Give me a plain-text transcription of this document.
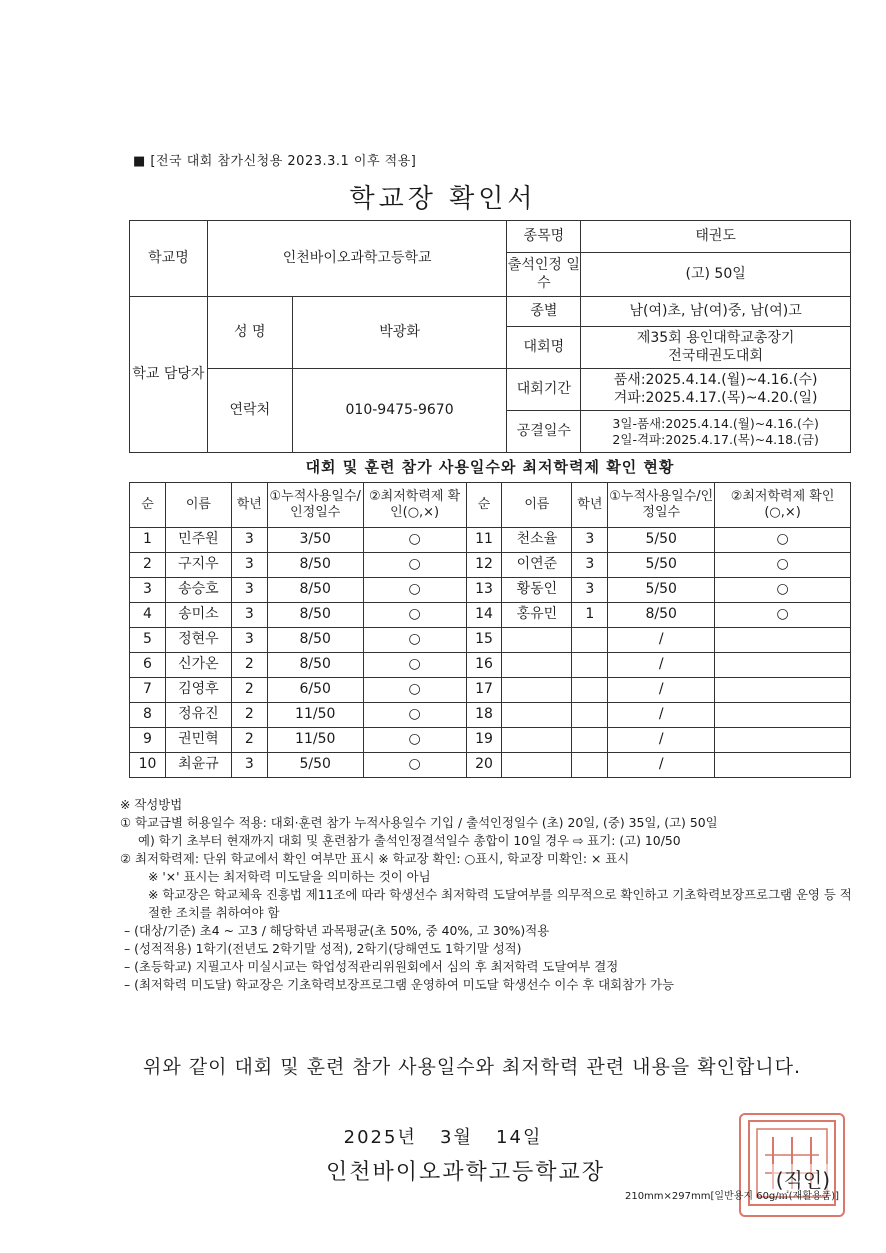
■ [전국 대회 참가신청용 2023.3.1 이후 적용]
학교장 확인서
학교명	인천바이오과학고등학교		종목명	태권도
			출석인정 일수	(고) 50일
학교 담당자	성 명	박광화	종별	남(여)초, 남(여)중, 남(여)고
			대회명	제35회 용인대학교총장기
전국태권도대회

	연락처	010-9475-9670	대회기간	품새:2025.4.14.(월)~4.16.(수)
겨파:2025.4.17.(목)~4.20.(일)

			공결일수	3일-품새:2025.4.14.(월)~4.16.(수)
2일-격파:2025.4.17.(목)~4.18.(금)
대회 및 훈련 참가 사용일수와 최저학력제 확인 현황
순	이름	학년	①누적사용일수/인정일수	②최저학력제 확인(○,×)	순	이름	학년	①누적사용일수/인정일수	②최저학력제 확인(○,×)
1	민주원	3	3/50	○	11	천소율	3	5/50	○
2	구지우	3	8/50	○	12	이연준	3	5/50	○
3	송승호	3	8/50	○	13	황동인	3	5/50	○
4	송미소	3	8/50	○	14	홍유민	1	8/50	○
5	정현우	3	8/50	○	15			/	
6	신가온	2	8/50	○	16			/	
7	김영후	2	6/50	○	17			/	
8	정유진	2	11/50	○	18			/	
9	권민혁	2	11/50	○	19			/	
10	최윤규	3	5/50	○	20			/	

※ 작성방법

① 학교급별 허용일수 적용: 대회·훈련 참가 누적사용일수 기입 / 출석인정일수 (초) 20일, (중) 35일, (고) 50일

예) 학기 초부터 현재까지 대회 및 훈련참가 출석인정결석일수 총합이 10일 경우 ⇨ 표기: (고) 10/50

② 최저학력제: 단위 학교에서 확인 여부만 표시 ※ 학교장 확인: ○표시, 학교장 미확인: × 표시

※ '×' 표시는 최저학력 미도달을 의미하는 것이 아님

※ 학교장은 학교체육 진흥법 제11조에 따라 학생선수 최저학력 도달여부를 의무적으로 확인하고 기초학력보장프로그램 운영 등 적절한 조치를 취하여야 함

– (대상/기준) 초4 ~ 고3 / 해당학년 과목평균(초 50%, 중 40%, 고 30%)적용

– (성적적용) 1학기(전년도 2학기말 성적), 2학기(당해연도 1학기말 성적)

– (초등학교) 지필고사 미실시교는 학업성적관리위원회에서 심의 후 최저학력 도달여부 결정

– (최저학력 미도달) 학교장은 기초학력보장프로그램 운영하여 미도달 학생선수 이수 후 대회참가 가능

위와 같이 대회 및 훈련 참가 사용일수와 최저학력 관련 내용을 확인합니다.
2025년 3월 14일
인천바이오과학고등학교장	(직인)
210mm×297mm[일반용지 60g/㎡(재활용품)]
